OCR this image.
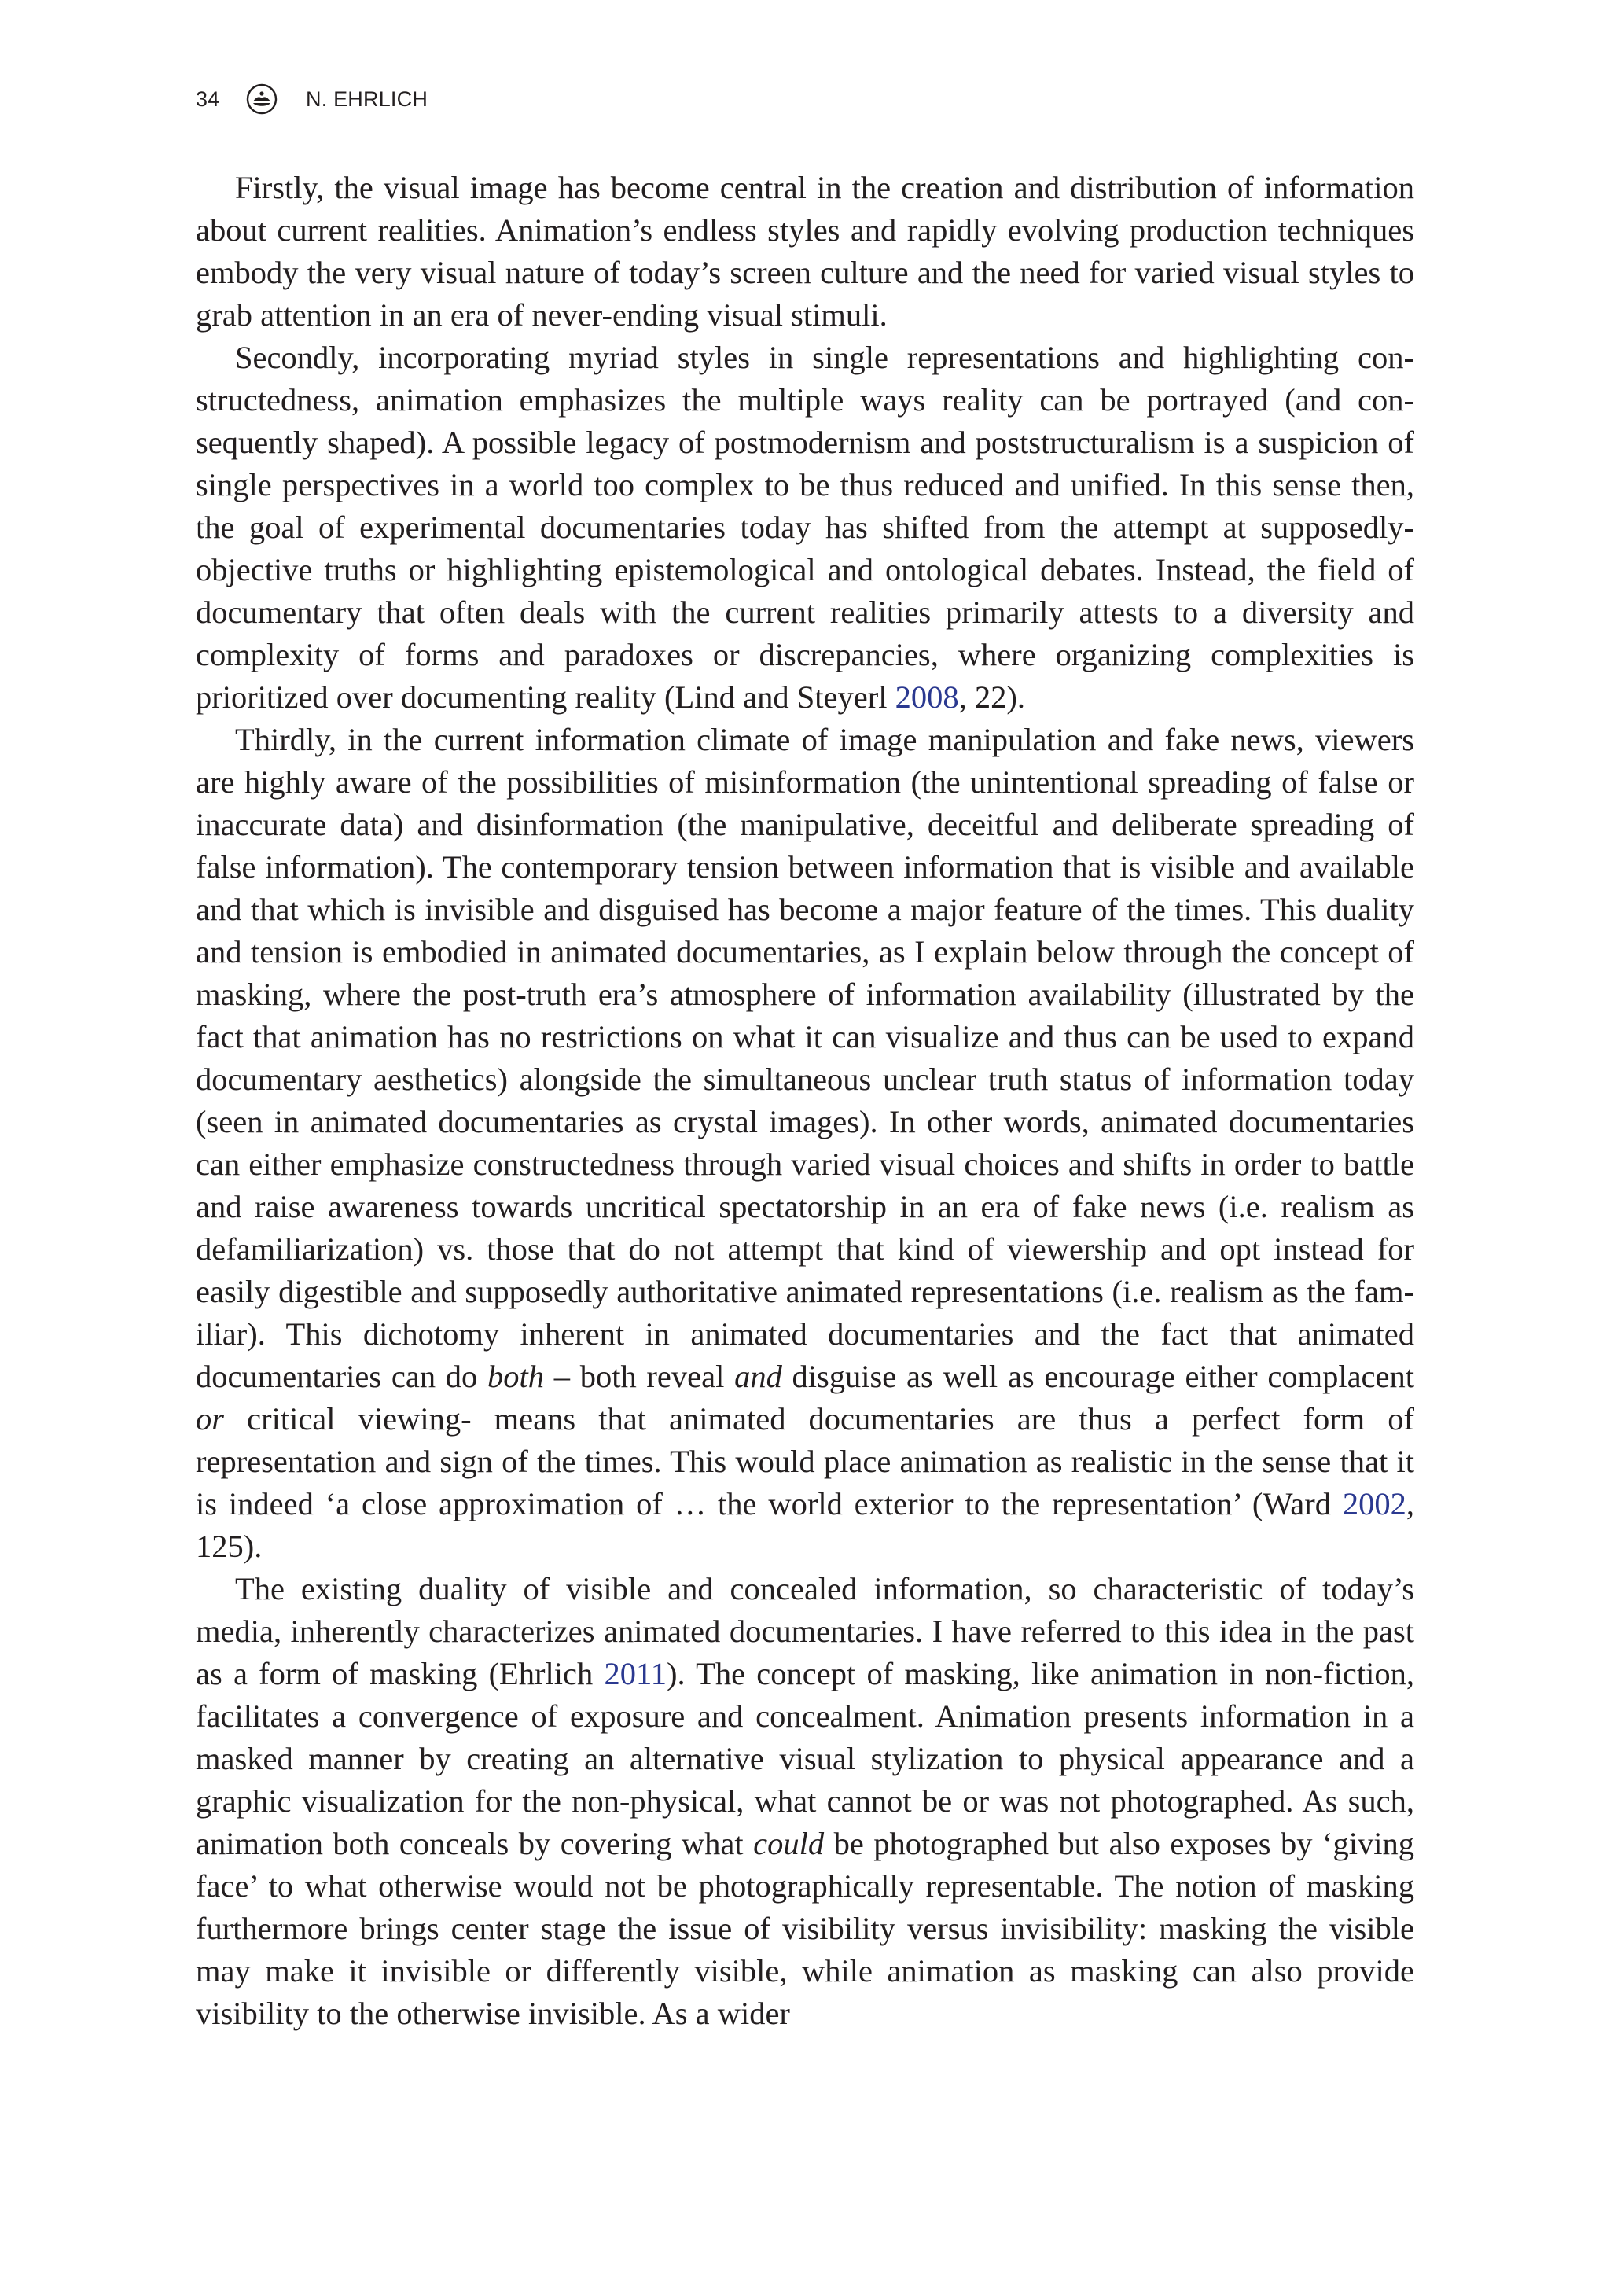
34	N. EHRLICH

Firstly, the visual image has become central in the creation and distribution of information about current realities. Animation’s endless styles and rapidly evolving production techniques embody the very visual nature of today’s screen culture and the need for varied visual styles to grab attention in an era of never-ending visual stimuli.

Secondly, incorporating myriad styles in single representations and highlighting constructedness, animation emphasizes the multiple ways reality can be portrayed (and consequently shaped). A possible legacy of postmodernism and poststructuralism is a suspicion of single perspectives in a world too complex to be thus reduced and unified. In this sense then, the goal of experimental documentaries today has shifted from the attempt at supposedly-objective truths or highlighting epistemological and ontological debates. Instead, the field of documentary that often deals with the current realities primarily attests to a diversity and complexity of forms and paradoxes or discrepancies, where organizing complexities is prioritized over documenting reality (Lind and Steyerl 2008, 22).

Thirdly, in the current information climate of image manipulation and fake news, viewers are highly aware of the possibilities of misinformation (the unintentional spreading of false or inaccurate data) and disinformation (the manipulative, deceitful and deliberate spreading of false information). The contemporary tension between information that is visible and available and that which is invisible and disguised has become a major feature of the times. This duality and tension is embodied in animated documentaries, as I explain below through the concept of masking, where the post-truth era’s atmosphere of information availability (illustrated by the fact that animation has no restrictions on what it can visualize and thus can be used to expand documentary aesthetics) alongside the simultaneous unclear truth status of information today (seen in animated documentaries as crystal images). In other words, animated documentaries can either emphasize constructedness through varied visual choices and shifts in order to battle and raise awareness towards uncritical spectatorship in an era of fake news (i.e. realism as defamiliarization) vs. those that do not attempt that kind of viewership and opt instead for easily digestible and supposedly authoritative animated representations (i.e. realism as the familiar). This dichotomy inherent in animated documentaries and the fact that animated documentaries can do both – both reveal and disguise as well as encourage either complacent or critical viewing- means that animated documentaries are thus a perfect form of representation and sign of the times. This would place animation as realistic in the sense that it is indeed ‘a close approximation of … the world exterior to the representation’ (Ward 2002, 125).

The existing duality of visible and concealed information, so characteristic of today’s media, inherently characterizes animated documentaries. I have referred to this idea in the past as a form of masking (Ehrlich 2011). The concept of masking, like animation in non-fiction, facilitates a convergence of exposure and concealment. Animation presents information in a masked manner by creating an alternative visual stylization to physical appearance and a graphic visualization for the non-physical, what cannot be or was not photographed. As such, animation both conceals by covering what could be photographed but also exposes by ‘giving face’ to what otherwise would not be photographically representable. The notion of masking furthermore brings center stage the issue of visibility versus invisibility: masking the visible may make it invisible or differently visible, while animation as masking can also provide visibility to the otherwise invisible. As a wider
